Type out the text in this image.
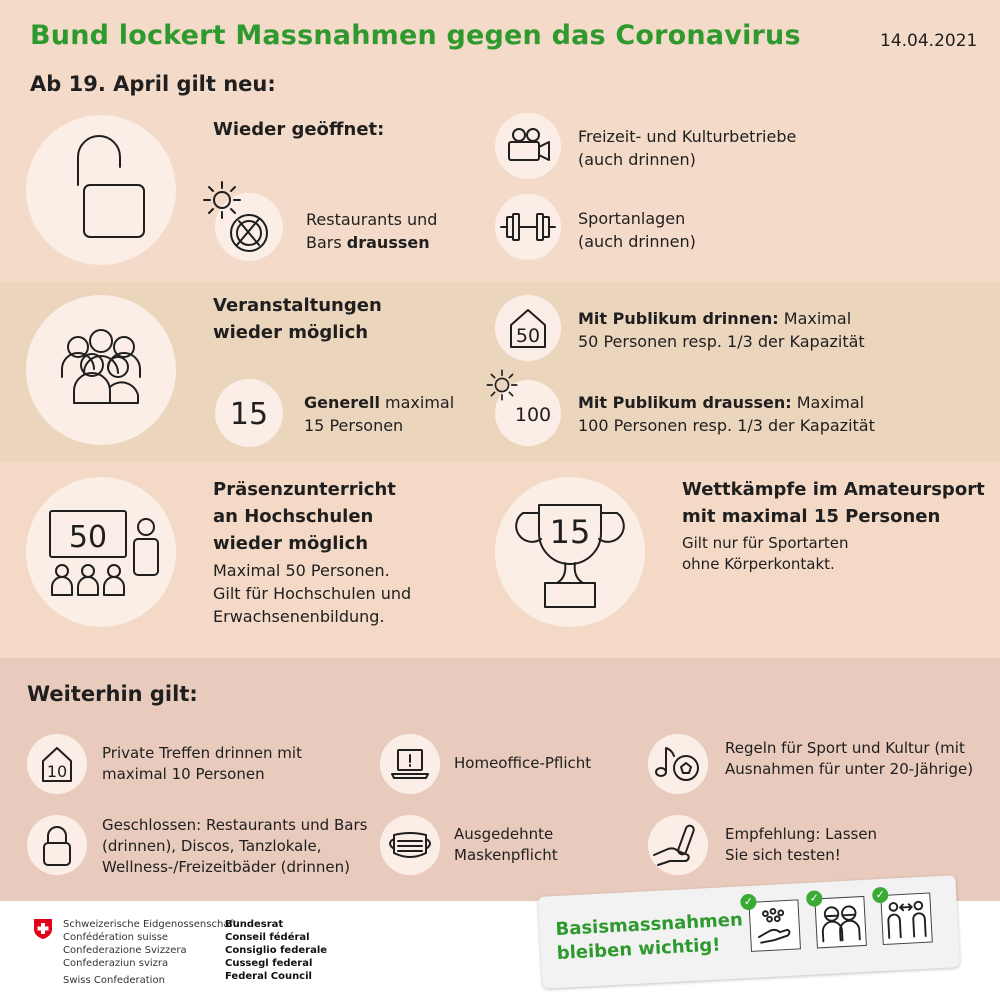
Bund lockert Massnahmen gegen das Coronavirus	14.04.2021
Ab 19. April gilt neu:
Wieder geöffnet:
Restaurants und
Bars draussen
Freizeit- und Kulturbetriebe
(auch drinnen)
Sportanlagen
(auch drinnen)
Veranstaltungen
wieder möglich
15 Generell maximal
15 Personen
50
Mit Publikum drinnen: Maximal
50 Personen resp. 1/3 der Kapazität
100
Mit Publikum draussen: Maximal
100 Personen resp. 1/3 der Kapazität
50
Präsenzunterricht
an Hochschulen
wieder möglich
Maximal 50 Personen.
Gilt für Hochschulen und
Erwachsenenbildung.
15
Wettkämpfe im Amateursport
mit maximal 15 Personen
Gilt nur für Sportarten
ohne Körperkontakt.
Weiterhin gilt:
10
Private Treffen drinnen mit
maximal 10 Personen
Homeoffice-Pflicht
Regeln für Sport und Kultur (mit
Ausnahmen für unter 20-Jährige)
Geschlossen: Restaurants und Bars
(drinnen), Discos, Tanzlokale,
Wellness-/Freizeitbäder (drinnen)
Ausgedehnte
Maskenpflicht
Empfehlung: Lassen
Sie sich testen!
Schweizerische Eidgenossenschaft
Confédération suisse
Confederazione Svizzera
Confederaziun svizra
Swiss Confederation
Bundesrat
Conseil fédéral
Consiglio federale
Cussegl federal
Federal Council
Basismassnahmen
bleiben wichtig!
✓	✓	✓
